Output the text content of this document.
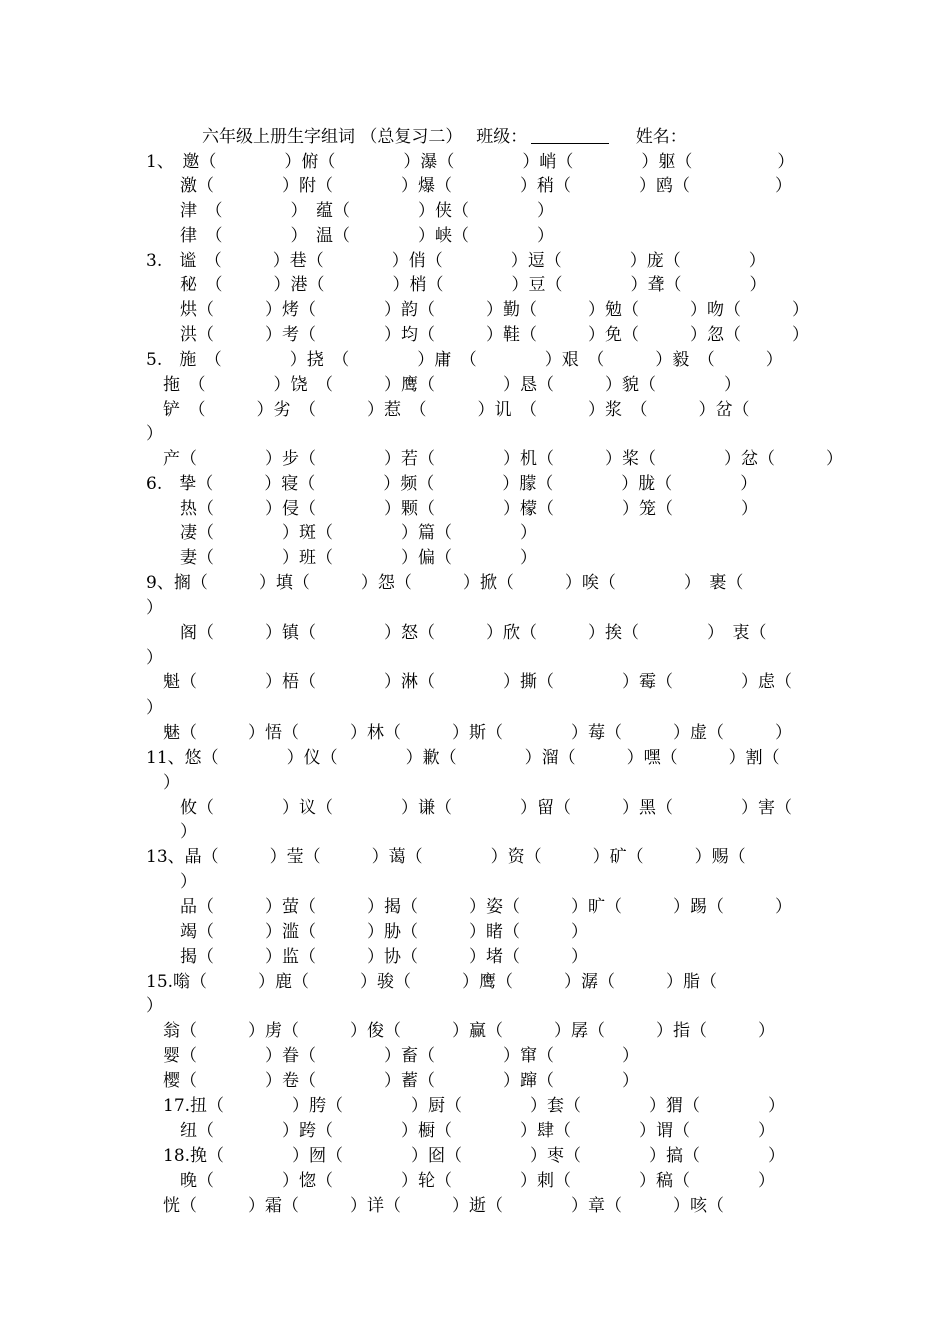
六年级上册生字组词 （总复习二）　 班级：　	姓名：
1、　邀（　　　　）俯（　　　　）瀑（　　　　）峭（　　　　）躯（　　　　　）
　　激（　　　　）附（　　　　）爆（　　　　）稍（　　　　）鸥（　　　　　）
　　津　（　　　　）　蕴（　　　　）侠（　　　　）
　　律　（　　　　）　温（　　　　）峡（　　　　）
3.　谧　（　　　）巷（　　　　）俏（　　　　）逗（　　　　）庞（　　　　）
　　秘　（　　　）港（　　　　）梢（　　　　）豆（　　　　）聋（　　　　）
　　烘（　　　）烤（　　　　）韵（　　　）勤（　　　）勉（　　　）吻（　　　）
　　洪（　　　）考（　　　　）均（　　　）鞋（　　　）免（　　　）忽（　　　）
5.　施　（　　　　）挠　（　　　　）庸　（　　　　）艰　（　　　）毅　（　　　）
　拖　（　　　　）饶　（　　　）鹰（　　　　）恳（　　　）貌（　　　　）
　铲　（　　　）劣　（　　　）惹　（　　　）讥　（　　　）浆　（　　　）岔（
）
　产（　　　　）步（　　　　）若（　　　　）机（　　　）桨（　　　　）忿（　　　）
6.　挚（　　　）寝（　　　　）频（　　　　）朦（　　　　）胧（　　　　）
　　热（　　　）侵（　　　　）颗（　　　　）檬（　　　　）笼（　　　　）
　　凄（　　　　）斑（　　　　）篇（　　　　）
　　妻（　　　　）班（　　　　）偏（　　　　）
9、搁（　　　）填（　　　）怨（　　　）掀（　　　）唉（　　　　）　裹（
）
　　阁（　　　）镇（　　　　）怒（　　　）欣（　　　）挨（　　　　）　衷（
）
　魁（　　　　）梧（　　　　）淋（　　　　）撕（　　　　）霉（　　　　）虑（
）
　魅（　　　）悟（　　　）林（　　　）斯（　　　　）莓（　　　）虚（　　　）
11、悠（　　　　）仪（　　　　）歉（　　　　）溜（　　　）嘿（　　　）割（
　）
　　攸（　　　　）议（　　　　）谦（　　　　）留（　　　）黑（　　　　）害（
　　）
13、晶（　　　）莹（　　　）蔼（　　　　）资（　　　）矿（　　　）赐（
　　）
　　品（　　　）萤（　　　）揭（　　　）姿（　　　）旷（　　　）踢（　　　）
　　竭（　　　）滥（　　　）胁（　　　）睹（　　　）
　　揭（　　　）监（　　　）协（　　　）堵（　　　）
15.嗡（　　　）鹿（　　　）骏（　　　）鹰（　　　）潺（　　　）脂（
）
　翁（　　　）虏（　　　）俊（　　　）赢（　　　）孱（　　　）指（　　　）
　婴（　　　　）眷（　　　　）畜（　　　　）窜（　　　　）
　樱（　　　　）卷（　　　　）蓄（　　　　）蹿（　　　　）
　17.扭（　　　　）胯（　　　　）厨（　　　　）套（　　　　）猬（　　　　）
　　纽（　　　　）跨（　　　　）橱（　　　　）肆（　　　　）谓（　　　　）
　18.挽（　　　　）囫（　　　　）囵（　　　　）枣（　　　　）搞（　　　　）
　　晚（　　　　）惚（　　　　）轮（　　　　）刺（　　　　）稿（　　　　）
　恍（　　　）霜（　　　）详（　　　）逝（　　　　）章（　　　）咳（
